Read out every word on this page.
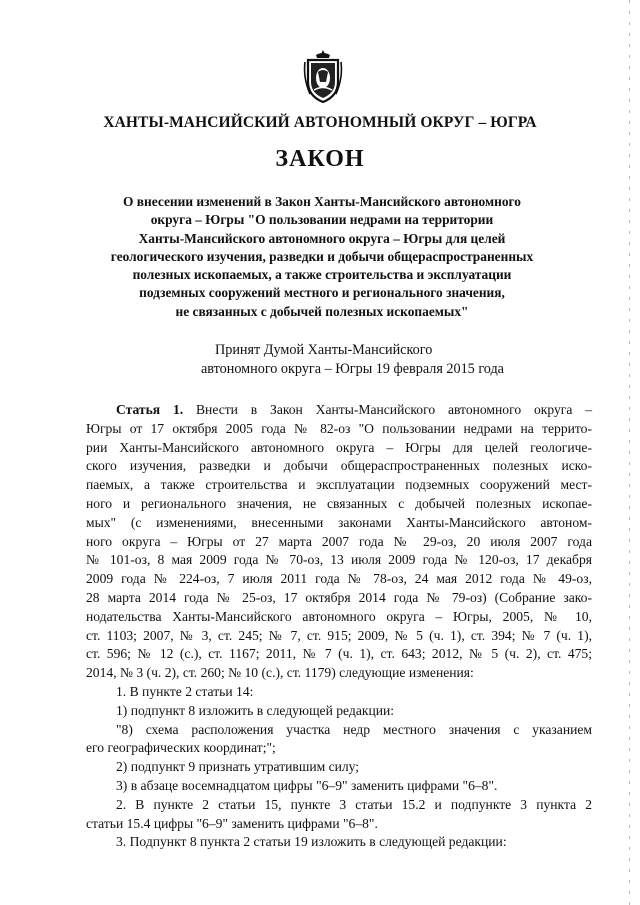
ХАНТЫ-МАНСИЙСКИЙ АВТОНОМНЫЙ ОКРУГ – ЮГРА
ЗАКОН
О внесении изменений в Закон Ханты-Мансийского автономного
округа – Югры "О пользовании недрами на территории
Ханты-Мансийского автономного округа – Югры для целей
геологического изучения, разведки и добычи общераспространенных
полезных ископаемых, а также строительства и эксплуатации
подземных сооружений местного и регионального значения,
не связанных с добычей полезных ископаемых"
Принят Думой Ханты-Мансийского
автономного округа – Югры 19 февраля 2015 года
Статья 1. Внести в Закон Ханты-Мансийского автономного округа –
Югры от 17 октября 2005 года № 82-оз "О пользовании недрами на террито-
рии Ханты-Мансийского автономного округа – Югры для целей геологиче-
ского изучения, разведки и добычи общераспространенных полезных иско-
паемых, а также строительства и эксплуатации подземных сооружений мест-
ного и регионального значения, не связанных с добычей полезных ископае-
мых" (с изменениями, внесенными законами Ханты-Мансийского автоном-
ного округа – Югры от 27 марта 2007 года № 29-оз, 20 июля 2007 года
№ 101-оз, 8 мая 2009 года № 70-оз, 13 июля 2009 года № 120-оз, 17 декабря
2009 года № 224-оз, 7 июля 2011 года № 78-оз, 24 мая 2012 года № 49-оз,
28 марта 2014 года № 25-оз, 17 октября 2014 года № 79-оз) (Собрание зако-
нодательства Ханты-Мансийского автономного округа – Югры, 2005, № 10,
ст. 1103; 2007, № 3, ст. 245; № 7, ст. 915; 2009, № 5 (ч. 1), ст. 394; № 7 (ч. 1),
ст. 596; № 12 (с.), ст. 1167; 2011, № 7 (ч. 1), ст. 643; 2012, № 5 (ч. 2), ст. 475;
2014, № 3 (ч. 2), ст. 260; № 10 (с.), ст. 1179) следующие изменения:
1. В пункте 2 статьи 14:
1) подпункт 8 изложить в следующей редакции:
"8) схема расположения участка недр местного значения с указанием
его географических координат;";
2) подпункт 9 признать утратившим силу;
3) в абзаце восемнадцатом цифры "6–9" заменить цифрами "6–8".
2. В пункте 2 статьи 15, пункте 3 статьи 15.2 и подпункте 3 пункта 2
статьи 15.4 цифры "6–9" заменить цифрами "6–8".
3. Подпункт 8 пункта 2 статьи 19 изложить в следующей редакции:
